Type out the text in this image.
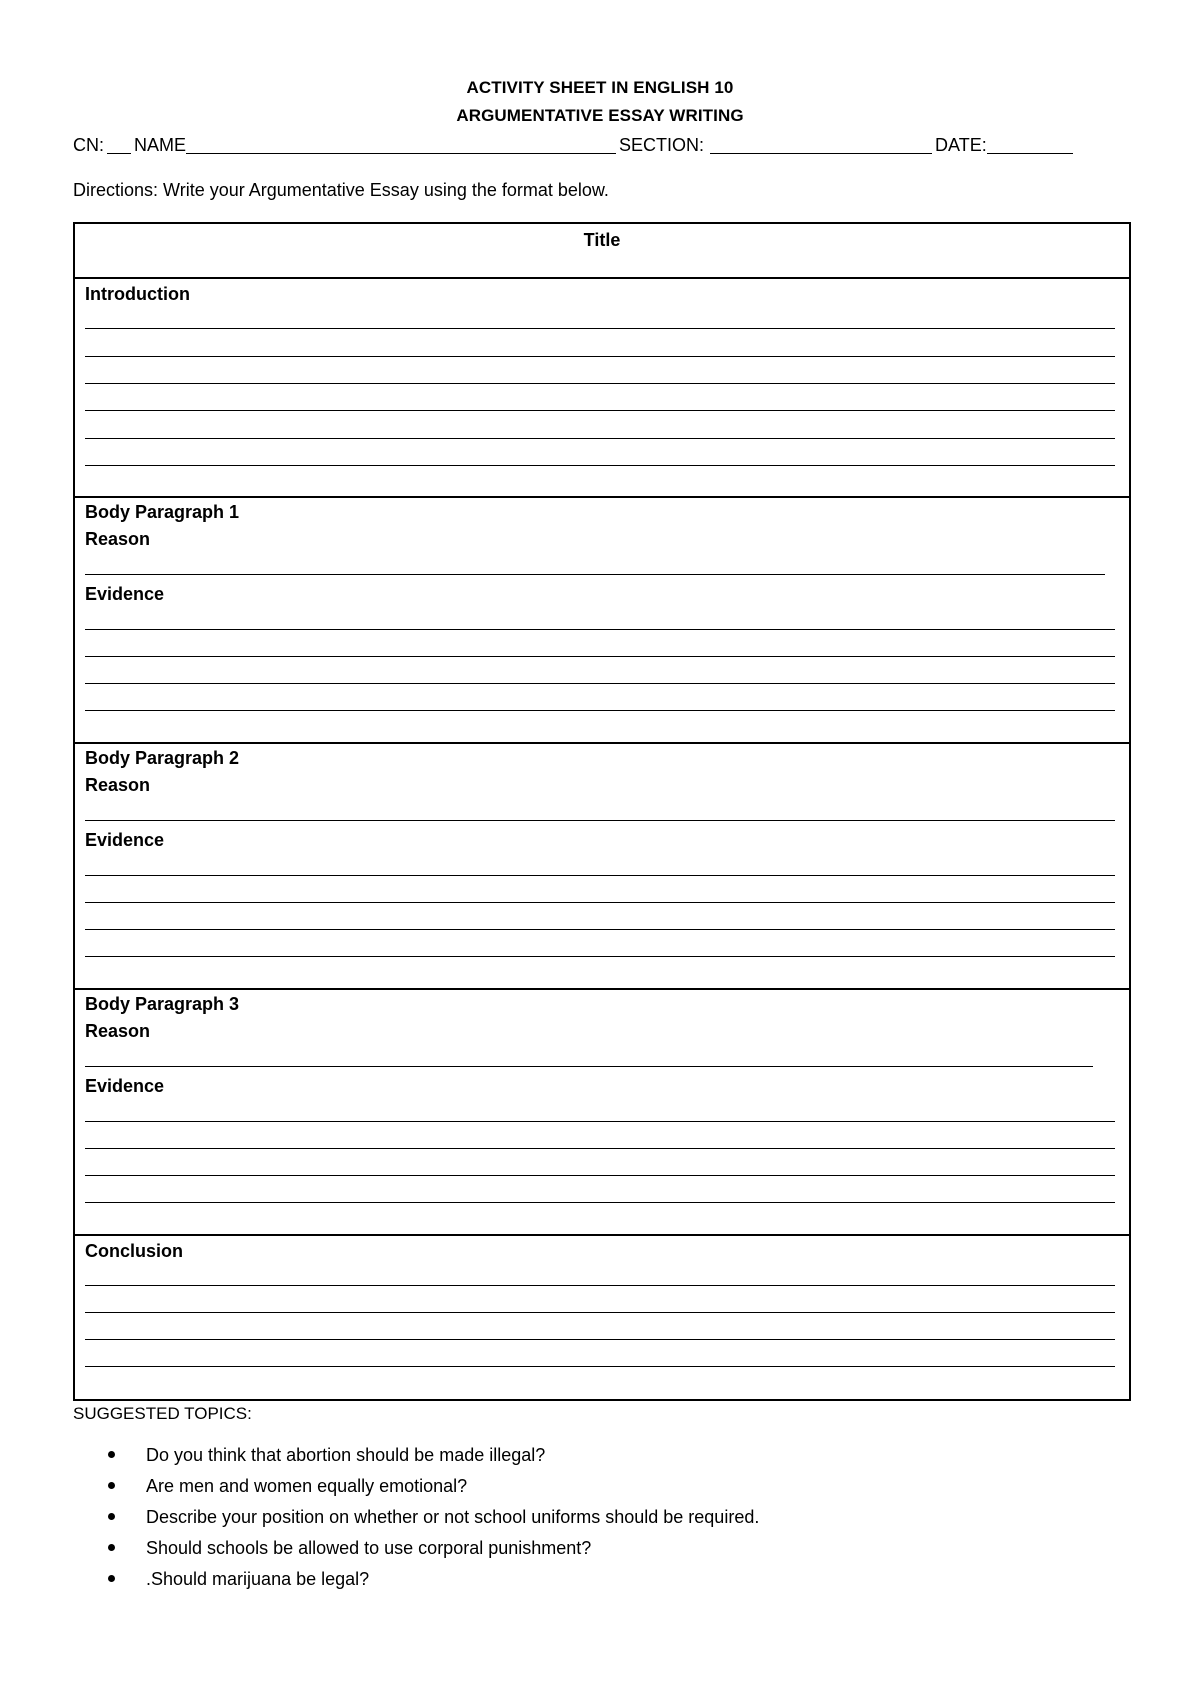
ACTIVITY SHEET IN ENGLISH 10
ARGUMENTATIVE ESSAY WRITING
CN: NAME	SECTION:	DATE:
Directions: Write your Argumentative Essay using the format below.
Title
Introduction
Body Paragraph 1
Reason
Evidence
Body Paragraph 2
Reason
Evidence
Body Paragraph 3
Reason
Evidence
Conclusion
SUGGESTED TOPICS:
Do you think that abortion should be made illegal?
Are men and women equally emotional?
Describe your position on whether or not school uniforms should be required.
Should schools be allowed to use corporal punishment?
.Should marijuana be legal?
